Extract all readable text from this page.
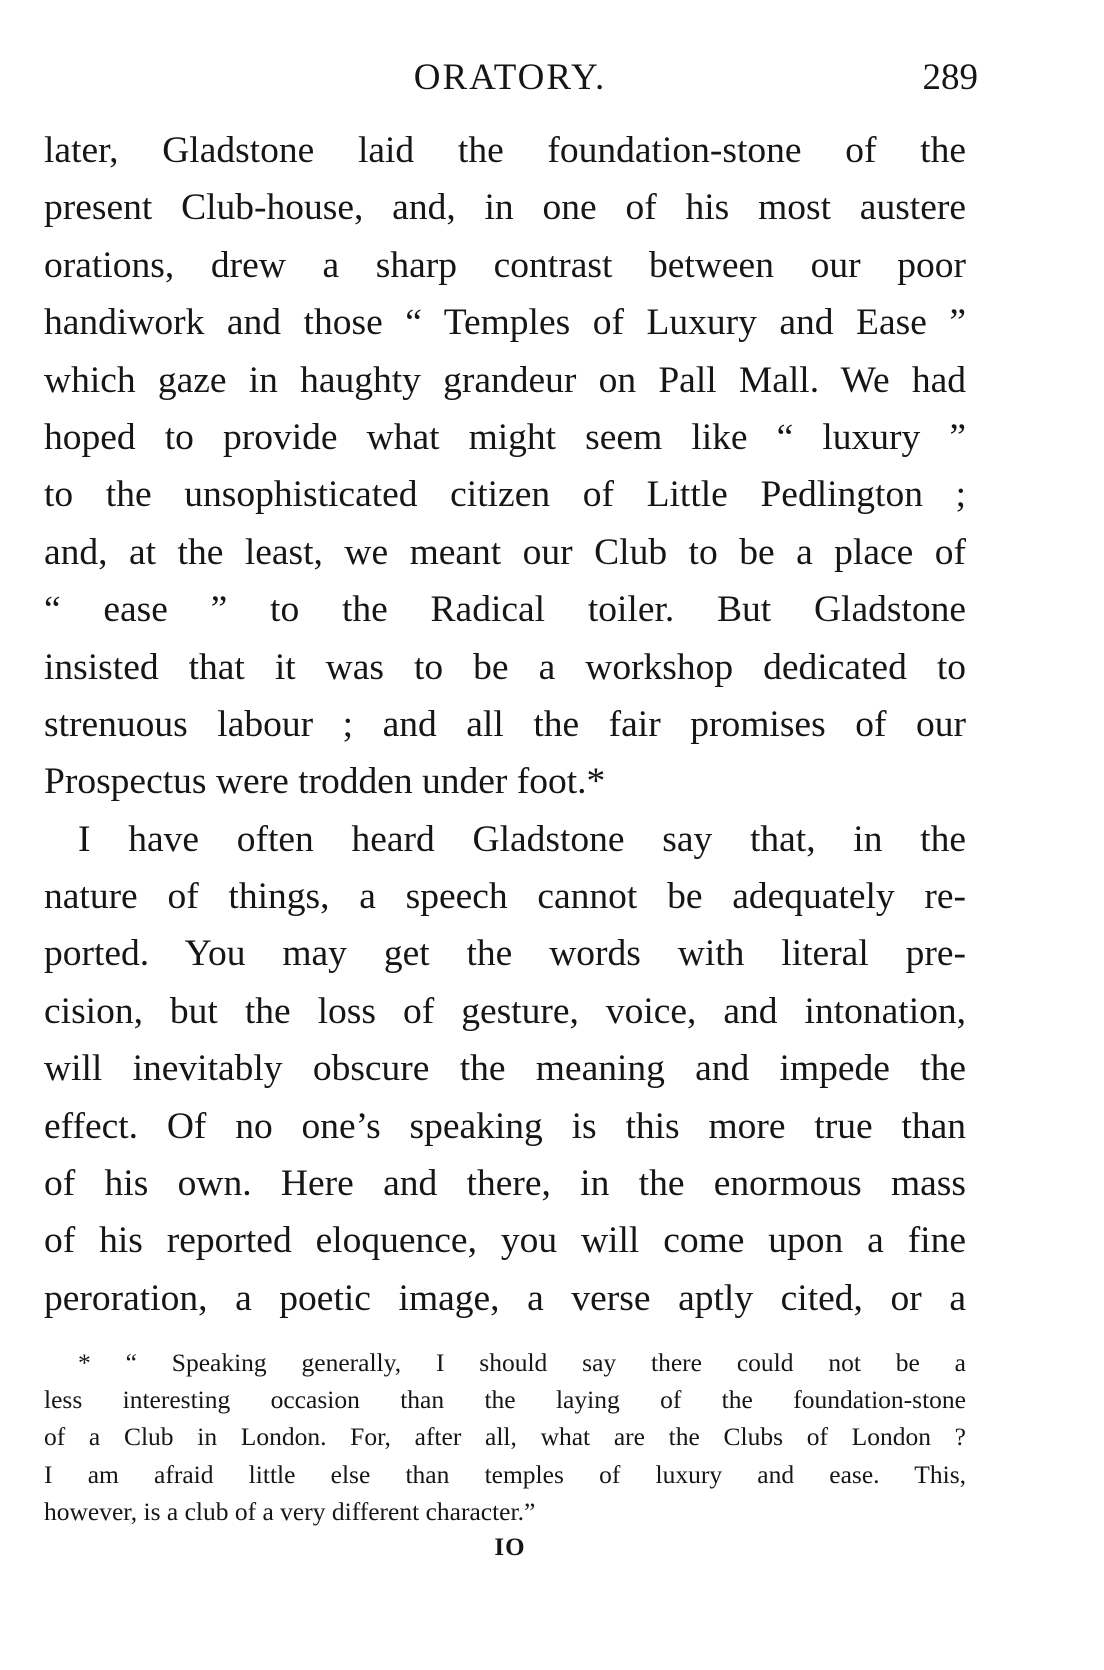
ORATORY.	289
later, Gladstone laid the foundation-stone of the
present Club-house, and, in one of his most austere
orations, drew a sharp contrast between our poor
handiwork and those “ Temples of Luxury and Ease ”
which gaze in haughty grandeur on Pall Mall. We had
hoped to provide what might seem like “ luxury ”
to the unsophisticated citizen of Little Pedlington ;
and, at the least, we meant our Club to be a place of
“ ease ” to the Radical toiler. But Gladstone
insisted that it was to be a workshop dedicated to
strenuous labour ; and all the fair promises of our
Prospectus were trodden under foot.*
I have often heard Gladstone say that, in the
nature of things, a speech cannot be adequately re-
ported. You may get the words with literal pre-
cision, but the loss of gesture, voice, and intonation,
will inevitably obscure the meaning and impede the
effect. Of no one’s speaking is this more true than
of his own. Here and there, in the enormous mass
of his reported eloquence, you will come upon a fine
peroration, a poetic image, a verse aptly cited, or a
* “ Speaking generally, I should say there could not be a
less interesting occasion than the laying of the foundation-stone
of a Club in London. For, after all, what are the Clubs of London ?
I am afraid little else than temples of luxury and ease. This,
however, is a club of a very different character.”
IO
